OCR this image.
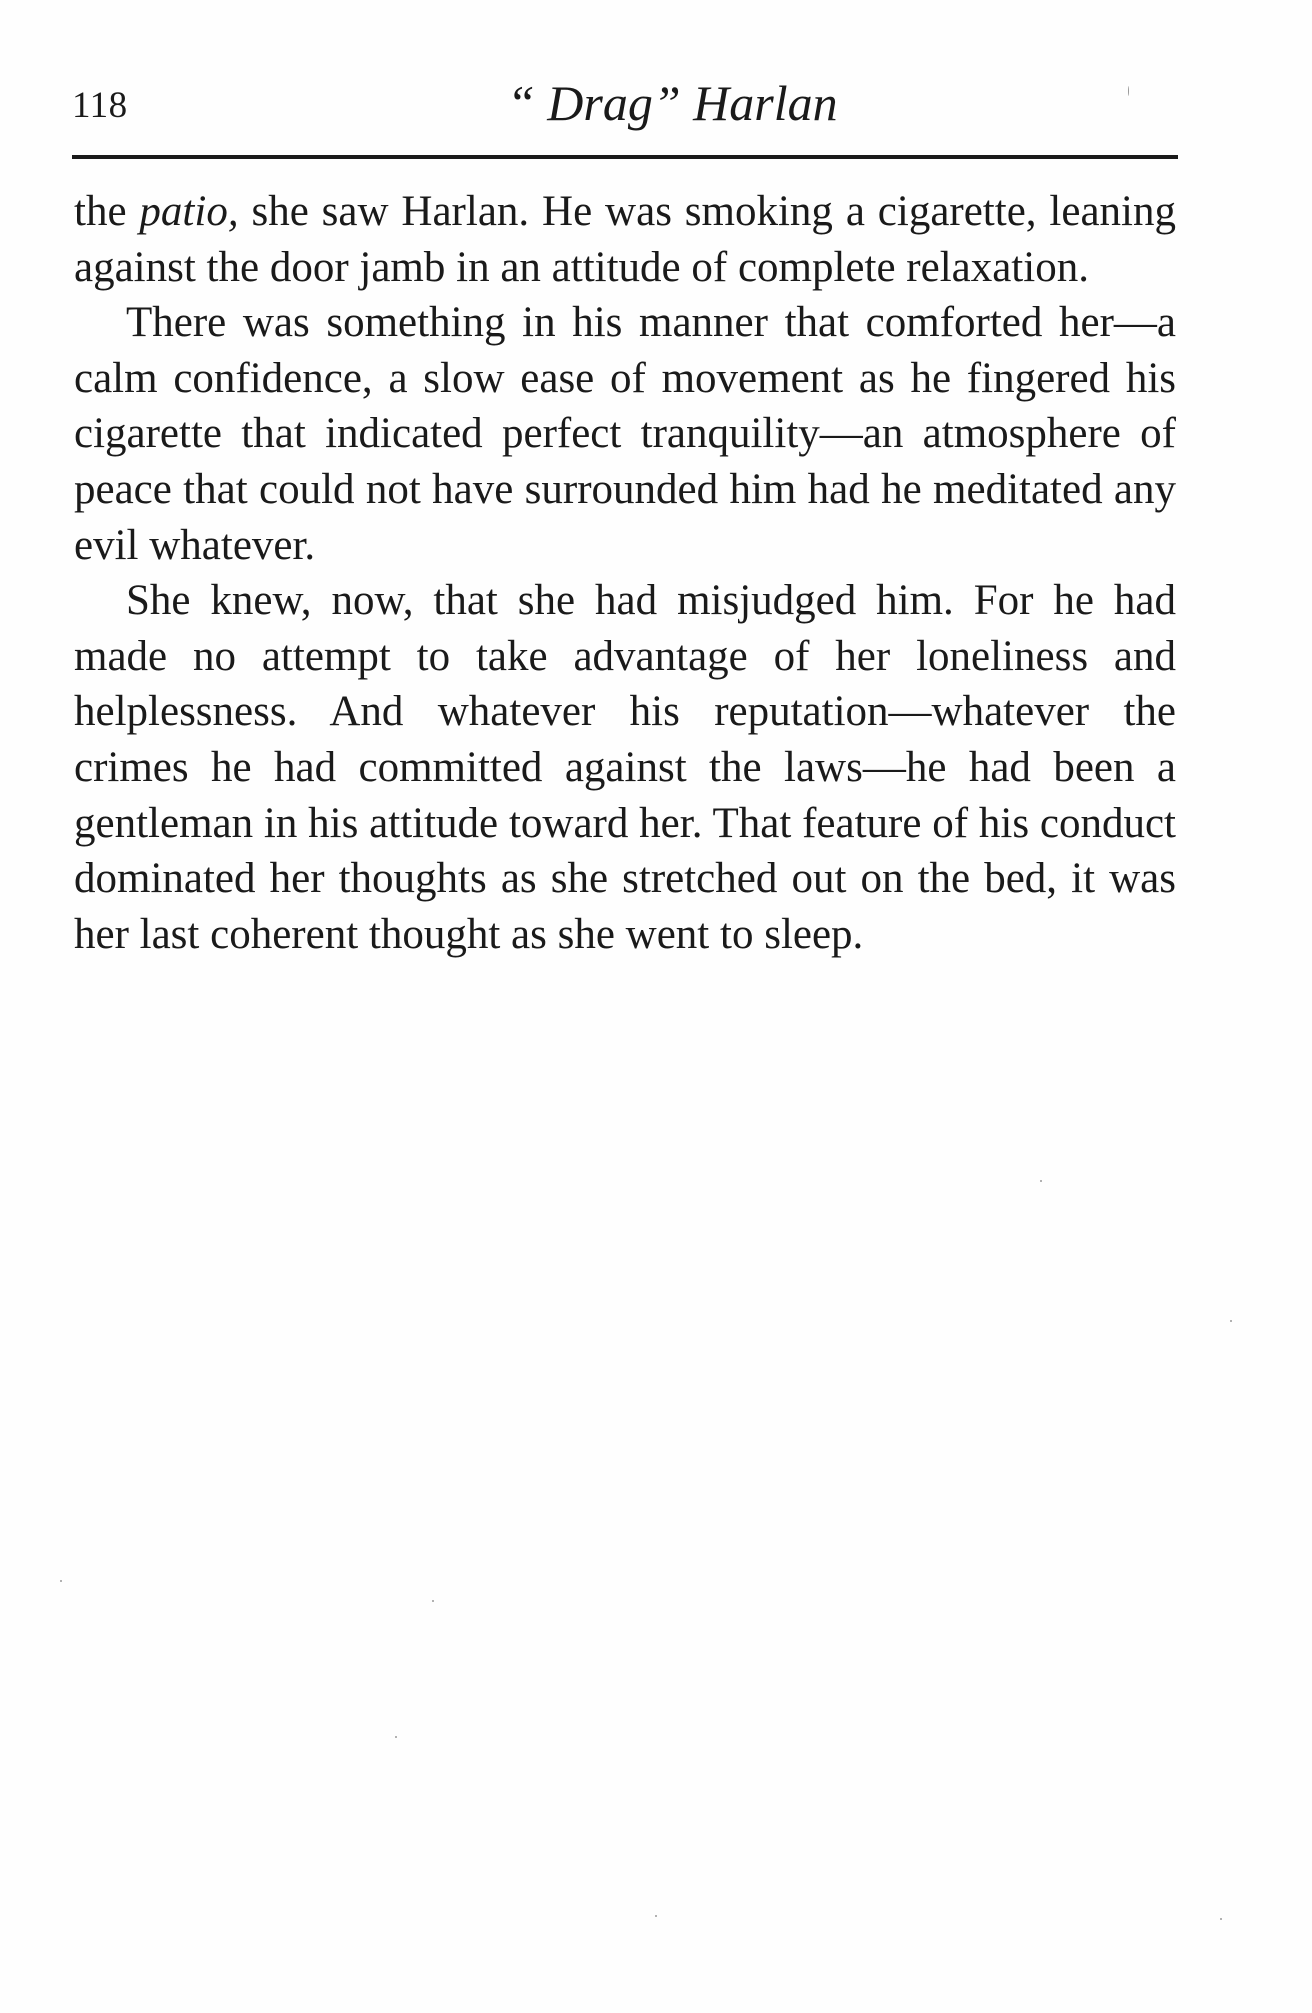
118	“ Drag” Harlan

the patio, she saw Harlan. He was smoking a cigarette, leaning against the door jamb in an attitude of complete relaxation.

There was something in his manner that comforted her—a calm confidence, a slow ease of movement as he fingered his cigarette that indicated perfect tranquility—an atmosphere of peace that could not have surrounded him had he meditated any evil whatever.

She knew, now, that she had misjudged him. For he had made no attempt to take advantage of her loneliness and helplessness. And whatever his reputation—whatever the crimes he had committed against the laws—he had been a gentleman in his attitude toward her. That feature of his conduct dominated her thoughts as she stretched out on the bed, it was her last coherent thought as she went to sleep.
